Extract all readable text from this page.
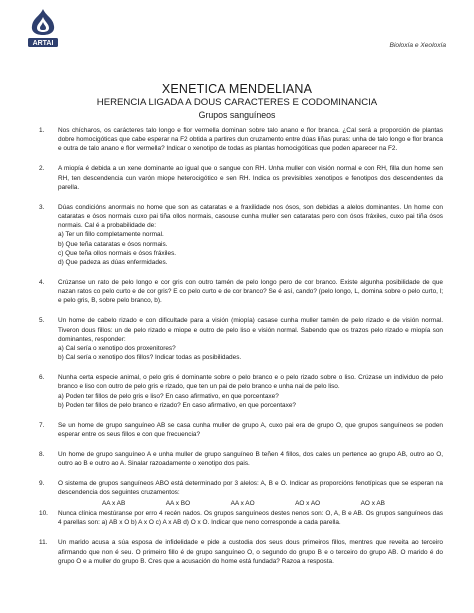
ARTAI	Bioloxía e Xeoloxía
XENETICA MENDELIANA
HERENCIA LIGADA A DOUS CARACTERES E CODOMINANCIA
Grupos sanguíneos
1. Nos chícharos, os carácteres talo longo e flor vermella dominan sobre talo anano e flor branca. ¿Cal será a proporción de plantas dobre homocigóticas que cabe esperar na F2 obtida a partires dun cruzamento entre dúas liñas puras: unha de talo longo e flor branca e outra de talo anano e flor vermella? Indicar o xenotipo de todas as plantas homocigóticas que poden aparecer na F2.

2. A miopía é debida a un xene dominante ao igual que o sangue con RH. Unha muller con visión normal e con RH, filla dun home sen RH, ten descendencia cun varón miope heterocigótico e sen RH. Indica os previsibles xenotipos e fenotipos dos descendentes da parella.

3. Dúas condicións anormais no home que son as cataratas e a fraxilidade nos ósos, son debidas a alelos dominantes. Un home con cataratas e ósos normais cuxo pai tiña ollos normais, casouse cunha muller sen cataratas pero con ósos fráxiles, cuxo pai tiña ósos normais. Cal é a probabilidade de:

a) Ter un fillo completamente normal.

b) Que teña cataratas e ósos normais.

c) Que teña ollos normais e ósos fráxiles.

d) Que padeza as dúas enfermidades.

4. Crúzanse un rato de pelo longo e cor gris con outro tamén de pelo longo pero de cor branco. Existe algunha posibilidade de que nazan ratos co pelo curto e de cor gris? E co pelo curto e de cor branco? Se é así, cando? (pelo longo, L, domina sobre o pelo curto, l; e pelo gris, B, sobre pelo branco, b).

5. Un home de cabelo rizado e con dificultade para a visión (miopía) casase cunha muller tamén de pelo rizado e de visión normal. Tiveron dous fillos: un de pelo rizado e miope e outro de pelo liso e visión normal. Sabendo que os trazos pelo rizado e miopía son dominantes, responder:

a) Cal sería o xenotipo dos proxenitores?

b) Cal sería o xenotipo dos fillos? Indicar todas as posibilidades.

6. Nunha certa especie animal, o pelo gris é dominante sobre o pelo branco e o pelo rizado sobre o liso. Crúzase un individuo de pelo branco e liso con outro de pelo gris e rizado, que ten un pai de pelo branco e unha nai de pelo liso.

a) Poden ter fillos de pelo gris e liso? En caso afirmativo, en que porcentaxe?

b) Poden ter fillos de pelo branco e rizado? En caso afirmativo, en que porcentaxe?

7. Se un home de grupo sanguíneo AB se casa cunha muller de grupo A, cuxo pai era de grupo O, que grupos sanguíneos se poden esperar entre os seus fillos e con que frecuencia?

8. Un home de grupo sanguíneo A e unha muller de grupo sanguíneo B teñen 4 fillos, dos cales un pertence ao grupo AB, outro ao O, outro ao B e outro ao A. Sinalar razoadamente o xenotipo dos pais.

9. O sistema de grupos sanguíneos ABO está determinado por 3 alelos: A, B e O. Indicar as proporcións fenotípicas que se esperan na descendencia dos seguintes cruzamentos:

AA x AB	AA x BO	AA x AO	AO x AO	AO x AB
10. Nunca clínica mestúranse por erro 4 recén nados. Os grupos sanguíneos destes nenos son: O, A, B e AB. Os grupos sanguíneos das 4 parellas son: a) AB x O b) A x O c) A x AB d) O x O. Indicar que neno corresponde a cada parella.

11. Un marido acusa a súa esposa de infidelidade e pide a custodia dos seus dous primeiros fillos, mentres que reveita ao terceiro afirmando que non é seu. O primeiro fillo é de grupo sanguíneo O, o segundo do grupo B e o terceiro do grupo AB. O marido é do grupo O e a muller do grupo B. Cres que a acusación do home está fundada? Razoa a resposta.
